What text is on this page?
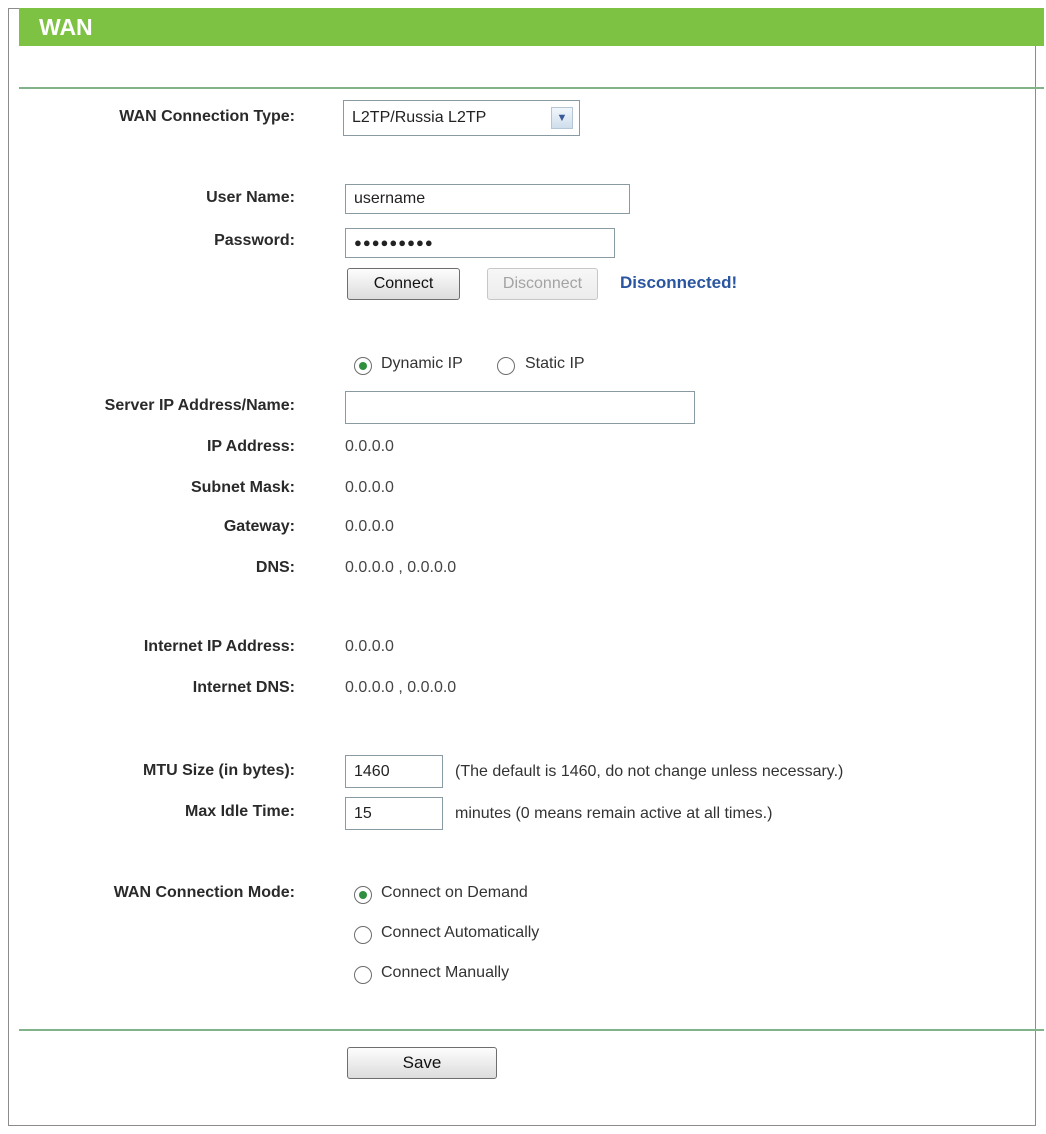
WAN
WAN Connection Type:	L2TP/Russia L2TP	▼
User Name:
username
Password:	●●●●●●●●●
Connect	Disconnect	Disconnected!
Dynamic IP	Static IP
Server IP Address/Name:
IP Address:	0.0.0.0
Subnet Mask:	0.0.0.0
Gateway:	0.0.0.0
DNS:	0.0.0.0 , 0.0.0.0
Internet IP Address:	0.0.0.0
Internet DNS:	0.0.0.0 , 0.0.0.0
MTU Size (in bytes):
1460	(The default is 1460, do not change unless necessary.)
Max Idle Time:
15	minutes (0 means remain active at all times.)
WAN Connection Mode:	Connect on Demand
Connect Automatically
Connect Manually
Save
